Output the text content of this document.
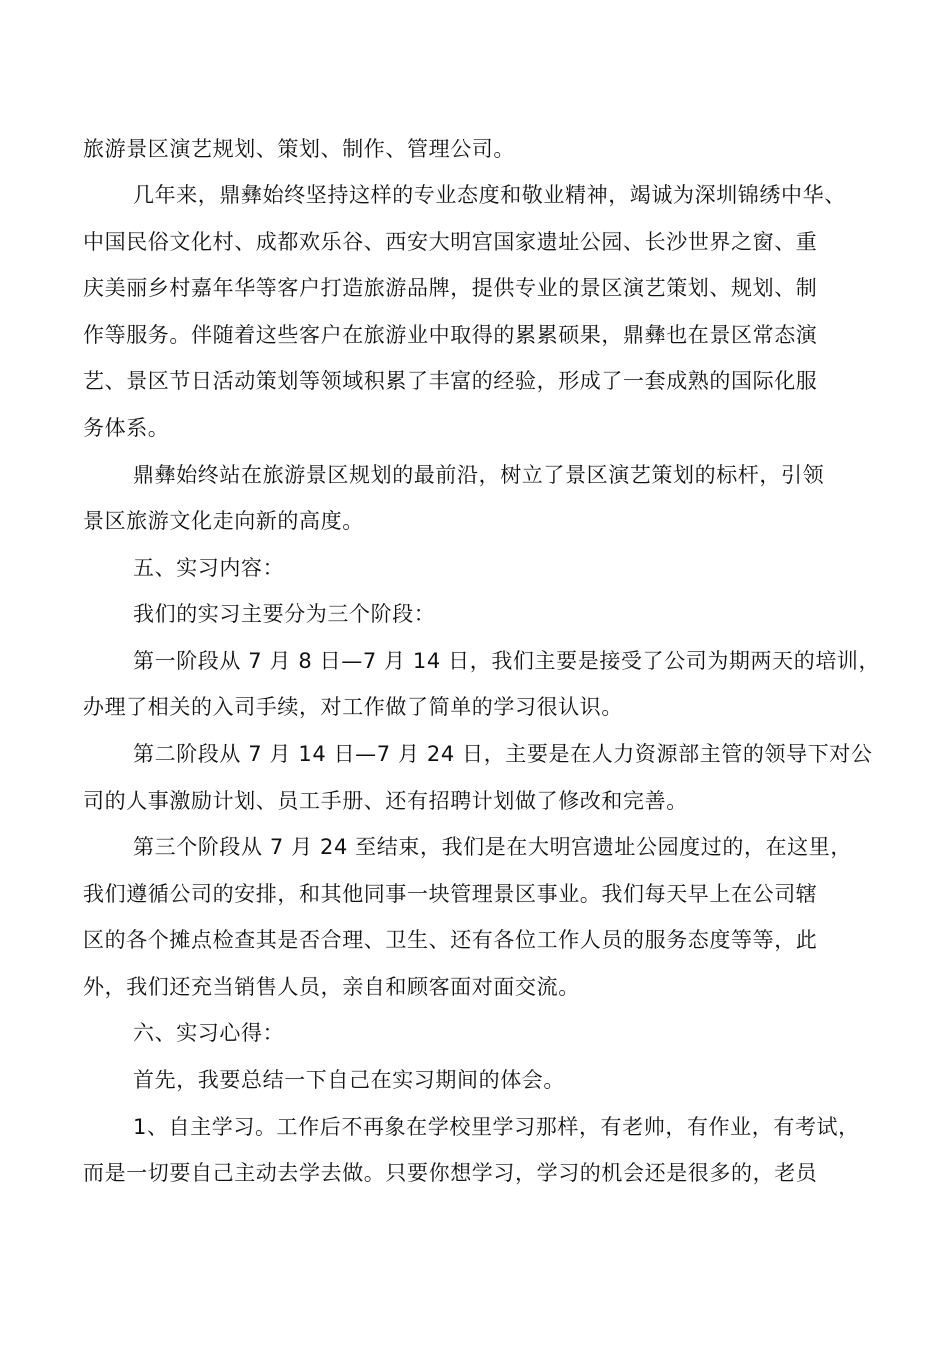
旅游景区演艺规划、策划、制作、管理公司。
几年来，鼎彝始终坚持这样的专业态度和敬业精神，竭诚为深圳锦绣中华、
中国民俗文化村、成都欢乐谷、西安大明宫国家遗址公园、长沙世界之窗、重
庆美丽乡村嘉年华等客户打造旅游品牌，提供专业的景区演艺策划、规划、制
作等服务。伴随着这些客户在旅游业中取得的累累硕果，鼎彝也在景区常态演
艺、景区节日活动策划等领域积累了丰富的经验，形成了一套成熟的国际化服
务体系。
鼎彝始终站在旅游景区规划的最前沿，树立了景区演艺策划的标杆，引领
景区旅游文化走向新的高度。
五、实习内容：
我们的实习主要分为三个阶段：
第一阶段从 7 月 8 日—7 月 14 日，我们主要是接受了公司为期两天的培训，
办理了相关的入司手续，对工作做了简单的学习很认识。
第二阶段从 7 月 14 日—7 月 24 日，主要是在人力资源部主管的领导下对公
司的人事激励计划、员工手册、还有招聘计划做了修改和完善。
第三个阶段从 7 月 24 至结束，我们是在大明宫遗址公园度过的，在这里，
我们遵循公司的安排，和其他同事一块管理景区事业。我们每天早上在公司辖
区的各个摊点检查其是否合理、卫生、还有各位工作人员的服务态度等等，此
外，我们还充当销售人员，亲自和顾客面对面交流。
六、实习心得：
首先，我要总结一下自己在实习期间的体会。
1、自主学习。工作后不再象在学校里学习那样，有老帅，有作业，有考试，
而是一切要自己主动去学去做。只要你想学习，学习的机会还是很多的，老员
